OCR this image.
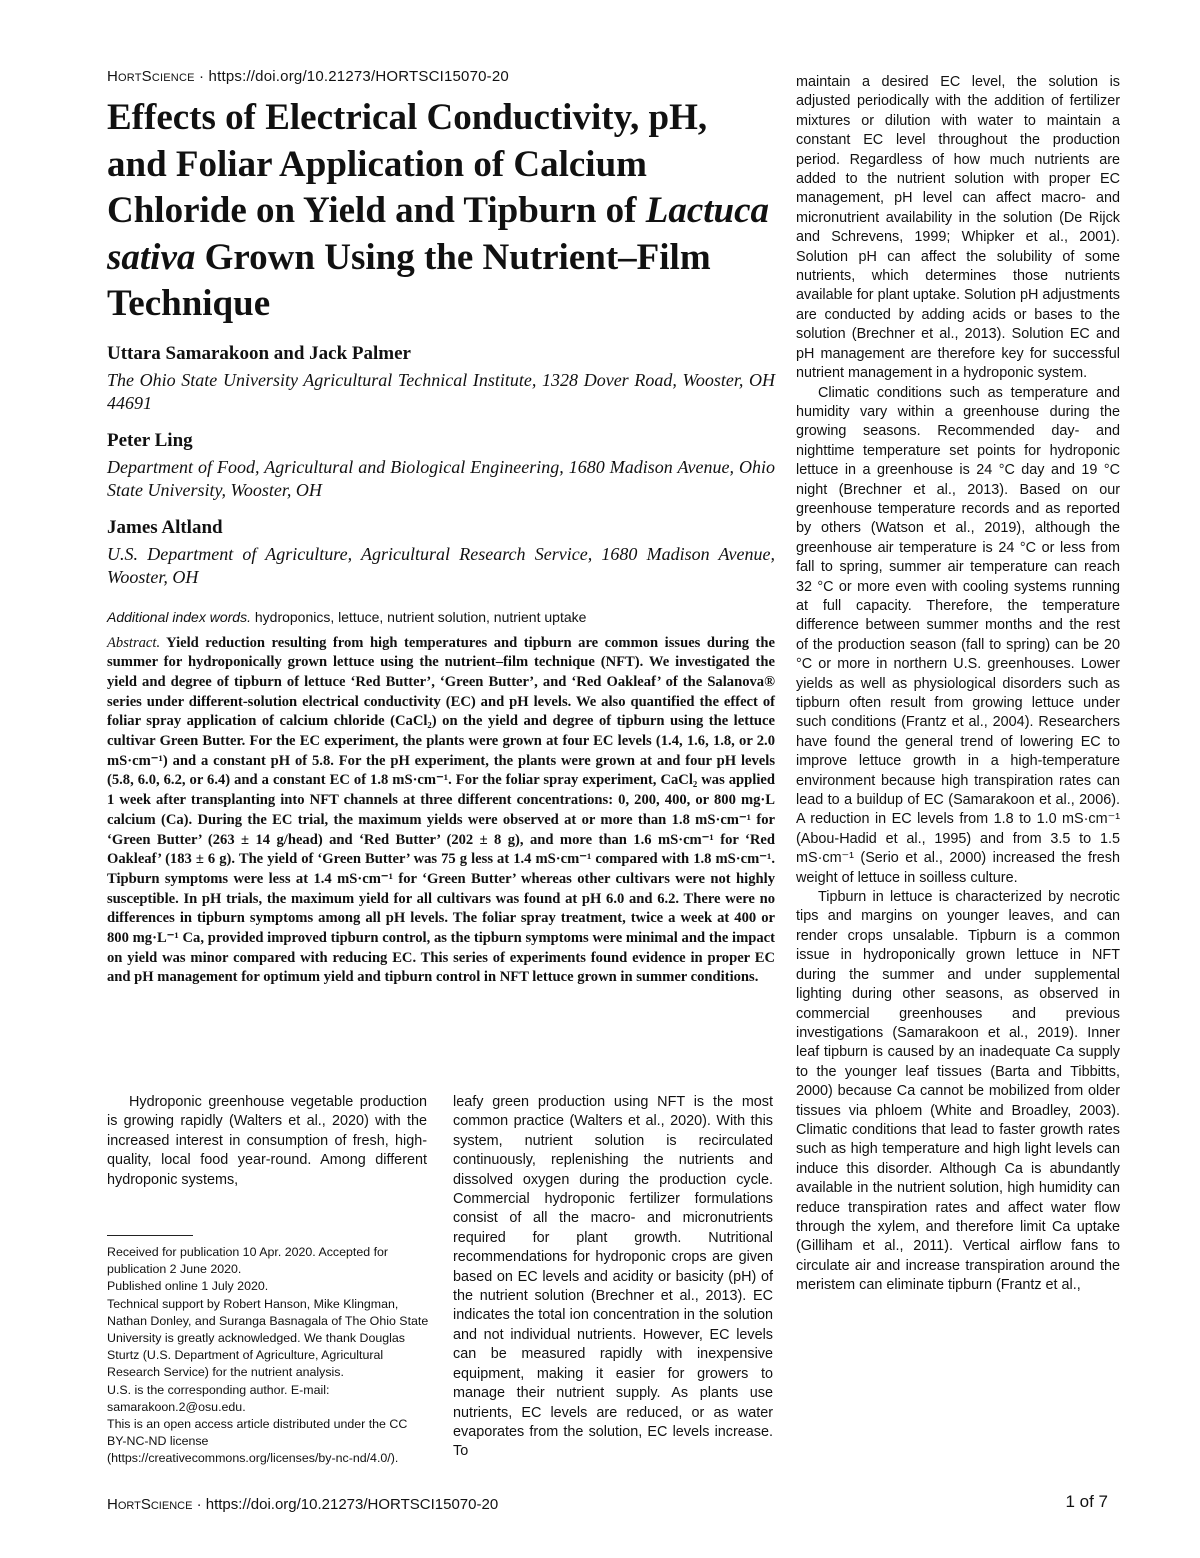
HortScience · https://doi.org/10.21273/HORTSCI15070-20
Effects of Electrical Conductivity, pH, and Foliar Application of Calcium Chloride on Yield and Tipburn of Lactuca sativa Grown Using the Nutrient–Film Technique

Uttara Samarakoon and Jack Palmer

The Ohio State University Agricultural Technical Institute, 1328 Dover Road, Wooster, OH 44691

Peter Ling

Department of Food, Agricultural and Biological Engineering, 1680 Madison Avenue, Ohio State University, Wooster, OH

James Altland

U.S. Department of Agriculture, Agricultural Research Service, 1680 Madison Avenue, Wooster, OH

Additional index words. hydroponics, lettuce, nutrient solution, nutrient uptake

Abstract. Yield reduction resulting from high temperatures and tipburn are common issues during the summer for hydroponically grown lettuce using the nutrient–film technique (NFT). We investigated the yield and degree of tipburn of lettuce ‘Red Butter’, ‘Green Butter’, and ‘Red Oakleaf’ of the Salanova® series under different-solution electrical conductivity (EC) and pH levels. We also quantified the effect of foliar spray application of calcium chloride (CaCl₂) on the yield and degree of tipburn using the lettuce cultivar Green Butter. For the EC experiment, the plants were grown at four EC levels (1.4, 1.6, 1.8, or 2.0 mS·cm⁻¹) and a constant pH of 5.8. For the pH experiment, the plants were grown at and four pH levels (5.8, 6.0, 6.2, or 6.4) and a constant EC of 1.8 mS·cm⁻¹. For the foliar spray experiment, CaCl₂ was applied 1 week after transplanting into NFT channels at three different concentrations: 0, 200, 400, or 800 mg·L calcium (Ca). During the EC trial, the maximum yields were observed at or more than 1.8 mS·cm⁻¹ for ‘Green Butter’ (263 ± 14 g/head) and ‘Red Butter’ (202 ± 8 g), and more than 1.6 mS·cm⁻¹ for ‘Red Oakleaf’ (183 ± 6 g). The yield of ‘Green Butter’ was 75 g less at 1.4 mS·cm⁻¹ compared with 1.8 mS·cm⁻¹. Tipburn symptoms were less at 1.4 mS·cm⁻¹ for ‘Green Butter’ whereas other cultivars were not highly susceptible. In pH trials, the maximum yield for all cultivars was found at pH 6.0 and 6.2. There were no differences in tipburn symptoms among all pH levels. The foliar spray treatment, twice a week at 400 or 800 mg·L⁻¹ Ca, provided improved tipburn control, as the tipburn symptoms were minimal and the impact on yield was minor compared with reducing EC. This series of experiments found evidence in proper EC and pH management for optimum yield and tipburn control in NFT lettuce grown in summer conditions.

Hydroponic greenhouse vegetable production is growing rapidly (Walters et al., 2020) with the increased interest in consumption of fresh, high-quality, local food year-round. Among different hydroponic systems,

Received for publication 10 Apr. 2020. Accepted for publication 2 June 2020.

Published online 1 July 2020.

Technical support by Robert Hanson, Mike Klingman, Nathan Donley, and Suranga Basnagala of The Ohio State University is greatly acknowledged. We thank Douglas Sturtz (U.S. Department of Agriculture, Agricultural Research Service) for the nutrient analysis.

U.S. is the corresponding author. E-mail: samarakoon.2@osu.edu.

This is an open access article distributed under the CC BY-NC-ND license (https://creativecommons.org/licenses/by-nc-nd/4.0/).

leafy green production using NFT is the most common practice (Walters et al., 2020). With this system, nutrient solution is recirculated continuously, replenishing the nutrients and dissolved oxygen during the production cycle. Commercial hydroponic fertilizer formulations consist of all the macro- and micronutrients required for plant growth. Nutritional recommendations for hydroponic crops are given based on EC levels and acidity or basicity (pH) of the nutrient solution (Brechner et al., 2013). EC indicates the total ion concentration in the solution and not individual nutrients. However, EC levels can be measured rapidly with inexpensive equipment, making it easier for growers to manage their nutrient supply. As plants use nutrients, EC levels are reduced, or as water evaporates from the solution, EC levels increase. To

maintain a desired EC level, the solution is adjusted periodically with the addition of fertilizer mixtures or dilution with water to maintain a constant EC level throughout the production period. Regardless of how much nutrients are added to the nutrient solution with proper EC management, pH level can affect macro- and micronutrient availability in the solution (De Rijck and Schrevens, 1999; Whipker et al., 2001). Solution pH can affect the solubility of some nutrients, which determines those nutrients available for plant uptake. Solution pH adjustments are conducted by adding acids or bases to the solution (Brechner et al., 2013). Solution EC and pH management are therefore key for successful nutrient management in a hydroponic system.

Climatic conditions such as temperature and humidity vary within a greenhouse during the growing seasons. Recommended day- and nighttime temperature set points for hydroponic lettuce in a greenhouse is 24 °C day and 19 °C night (Brechner et al., 2013). Based on our greenhouse temperature records and as reported by others (Watson et al., 2019), although the greenhouse air temperature is 24 °C or less from fall to spring, summer air temperature can reach 32 °C or more even with cooling systems running at full capacity. Therefore, the temperature difference between summer months and the rest of the production season (fall to spring) can be 20 °C or more in northern U.S. greenhouses. Lower yields as well as physiological disorders such as tipburn often result from growing lettuce under such conditions (Frantz et al., 2004). Researchers have found the general trend of lowering EC to improve lettuce growth in a high-temperature environment because high transpiration rates can lead to a buildup of EC (Samarakoon et al., 2006). A reduction in EC levels from 1.8 to 1.0 mS·cm⁻¹ (Abou-Hadid et al., 1995) and from 3.5 to 1.5 mS·cm⁻¹ (Serio et al., 2000) increased the fresh weight of lettuce in soilless culture.

Tipburn in lettuce is characterized by necrotic tips and margins on younger leaves, and can render crops unsalable. Tipburn is a common issue in hydroponically grown lettuce in NFT during the summer and under supplemental lighting during other seasons, as observed in commercial greenhouses and previous investigations (Samarakoon et al., 2019). Inner leaf tipburn is caused by an inadequate Ca supply to the younger leaf tissues (Barta and Tibbitts, 2000) because Ca cannot be mobilized from older tissues via phloem (White and Broadley, 2003). Climatic conditions that lead to faster growth rates such as high temperature and high light levels can induce this disorder. Although Ca is abundantly available in the nutrient solution, high humidity can reduce transpiration rates and affect water flow through the xylem, and therefore limit Ca uptake (Gilliham et al., 2011). Vertical airflow fans to circulate air and increase transpiration around the meristem can eliminate tipburn (Frantz et al.,

HortScience · https://doi.org/10.21273/HORTSCI15070-20	1 of 7
